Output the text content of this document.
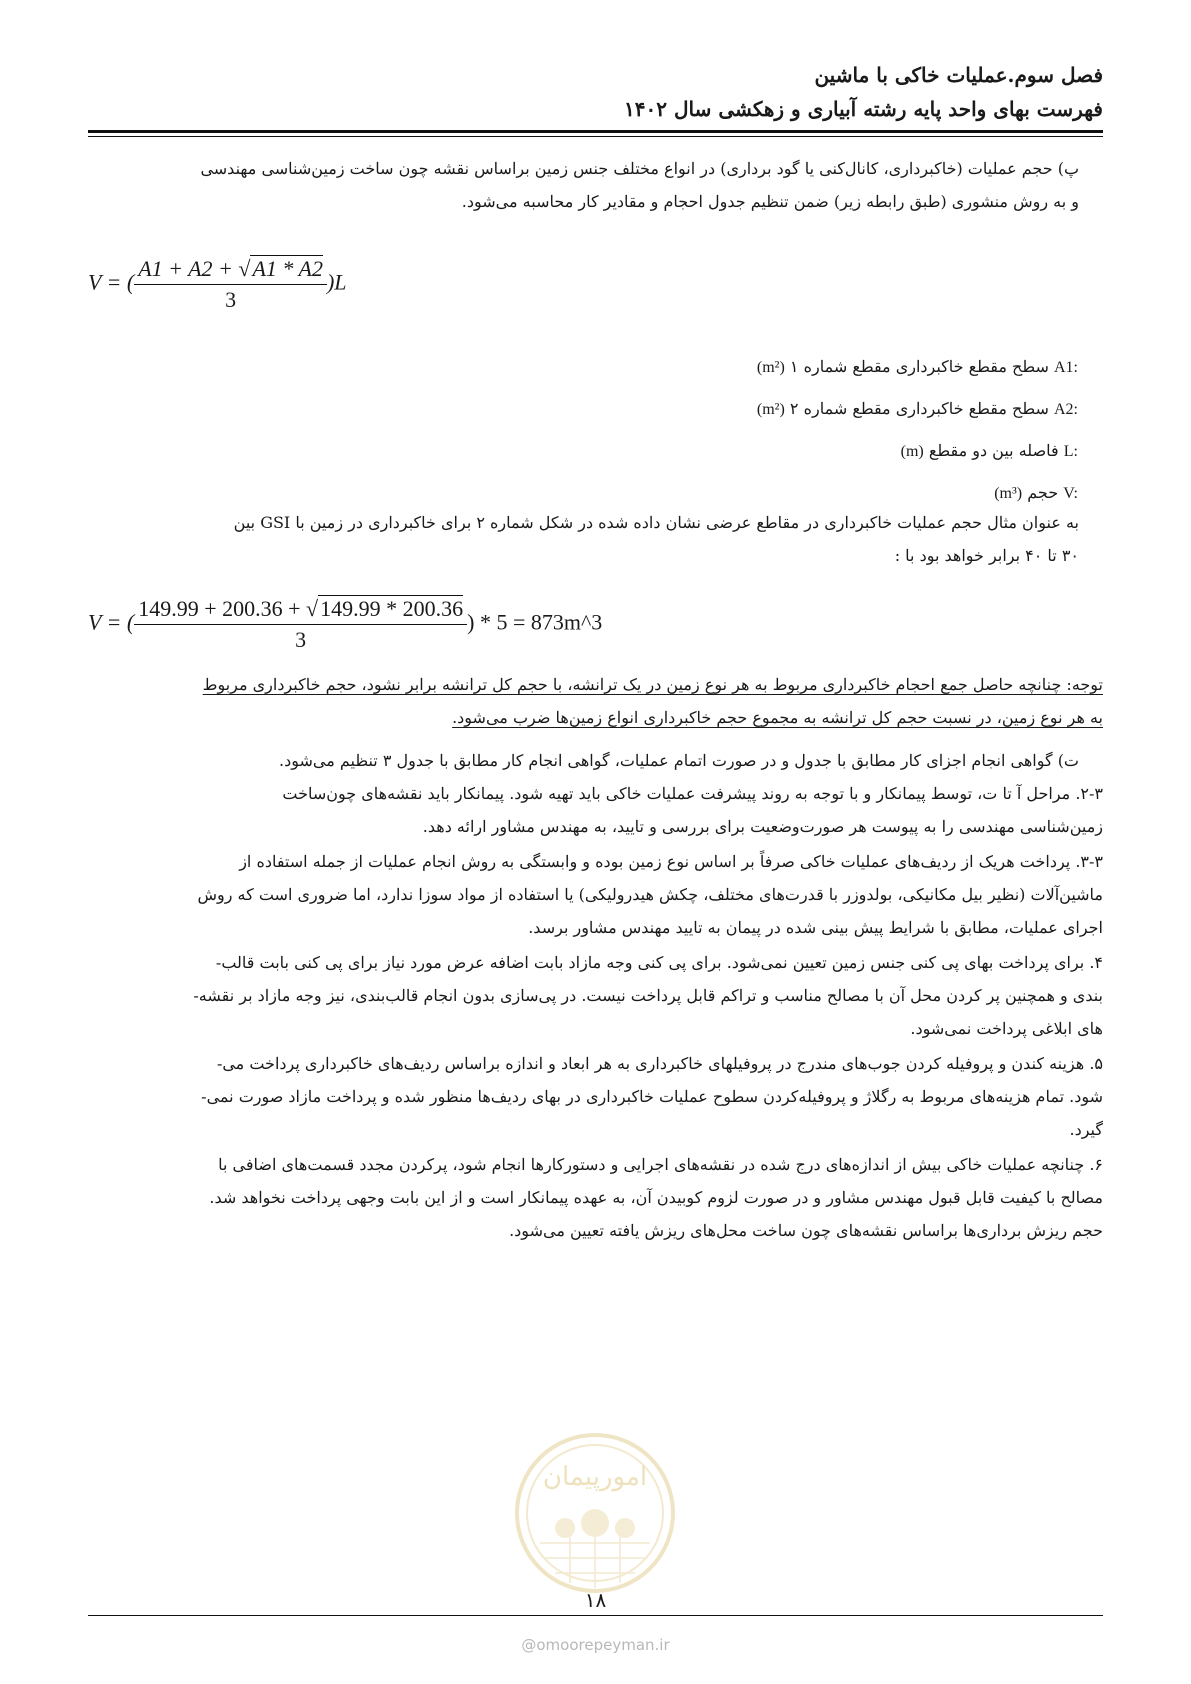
فصل سوم.عملیات خاکی با ماشین
فهرست بهای واحد پایه رشته آبیاری و زهکشی سال ۱۴۰۲
پ) حجم عملیات (خاکبرداری، کانال‌کنی یا گود برداری) در انواع مختلف جنس زمین براساس نقشه چون ساخت زمین‌شناسی مهندسی
و به روش منشوری (طبق رابطه زیر) ضمن تنظیم جدول احجام و مقادیر کار محاسبه می‌شود.
V = ( $\frac{A1 + A2 + √A1 * A2}{3} )L$
A1: سطح مقطع خاکبرداری مقطع شماره ۱ (m²)
A2: سطح مقطع خاکبرداری مقطع شماره ۲ (m²)
L: فاصله بین دو مقطع (m)
V: حجم (m³)
به عنوان مثال حجم عملیات خاکبرداری در مقاطع عرضی نشان داده شده در شکل شماره ۲ برای خاکبرداری در زمین با GSI بین
۳۰ تا ۴۰ برابر خواهد بود با :
V = ( $\frac{149.99 + 200.36 + √149.99 * 200.36}{3}$ ) * 5 = 873m^3
توجه: چنانچه حاصل جمع احجام خاکبرداری مربوط به هر نوع زمین در یک ترانشه، با حجم کل ترانشه برابر نشود، حجم خاکبرداری مربوط
به هر نوع زمین، در نسبت حجم کل ترانشه به مجموع حجم خاکبرداری انواع زمین‌ها ضرب می‌شود.
ت) گواهی انجام اجزای کار مطابق با جدول و در صورت اتمام عملیات، گواهی انجام کار مطابق با جدول ۳ تنظیم می‌شود.
۲-۳. مراحل آ تا ت، توسط پیمانکار و با توجه به روند پیشرفت عملیات خاکی باید تهیه شود. پیمانکار باید نقشه‌های چون‌ساخت
زمین‌شناسی مهندسی را به پیوست هر صورت‌وضعیت برای بررسی و تایید، به مهندس مشاور ارائه دهد.
۳-۳. پرداخت هریک از ردیف‌های عملیات خاکی صرفاً بر اساس نوع زمین بوده و وابستگی به روش انجام عملیات از جمله استفاده از
ماشین‌آلات (نظیر بیل مکانیکی، بولدوزر با قدرت‌های مختلف، چکش هیدرولیکی) یا استفاده از مواد سوزا ندارد، اما ضروری است که روش
اجرای عملیات، مطابق با شرایط پیش بینی شده در پیمان به تایید مهندس مشاور برسد.
۴. برای پرداخت بهای پی کنی جنس زمین تعیین نمی‌شود. برای پی کنی وجه مازاد بابت اضافه عرض مورد نیاز برای پی کنی بابت قالب-
بندی و همچنین پر کردن محل آن با مصالح مناسب و تراکم قابل پرداخت نیست. در پی‌سازی بدون انجام قالب‌بندی، نیز وجه مازاد بر نقشه-
های ابلاغی پرداخت نمی‌شود.
۵. هزینه کندن و پروفیله کردن جوب‌های مندرج در پروفیلهای خاکبرداری به هر ابعاد و اندازه براساس ردیف‌های خاکبرداری پرداخت می-
شود. تمام هزینه‌های مربوط به رگلاژ و پروفیله‌کردن سطوح عملیات خاکبرداری در بهای ردیف‌ها منظور شده و پرداخت مازاد صورت نمی-
گیرد.
۶. چنانچه عملیات خاکی بیش از اندازه‌های درج شده در نقشه‌های اجرایی و دستورکارها انجام شود، پرکردن مجدد قسمت‌های اضافی با
مصالح با کیفیت قابل قبول مهندس مشاور و در صورت لزوم کوبیدن آن، به عهده پیمانکار است و از این بابت وجهی پرداخت نخواهد شد.
حجم ریزش برداری‌ها براساس نقشه‌های چون ساخت محل‌های ریزش یافته تعیین می‌شود.
امورپیمان
۱۸
@omoorepeyman.ir
